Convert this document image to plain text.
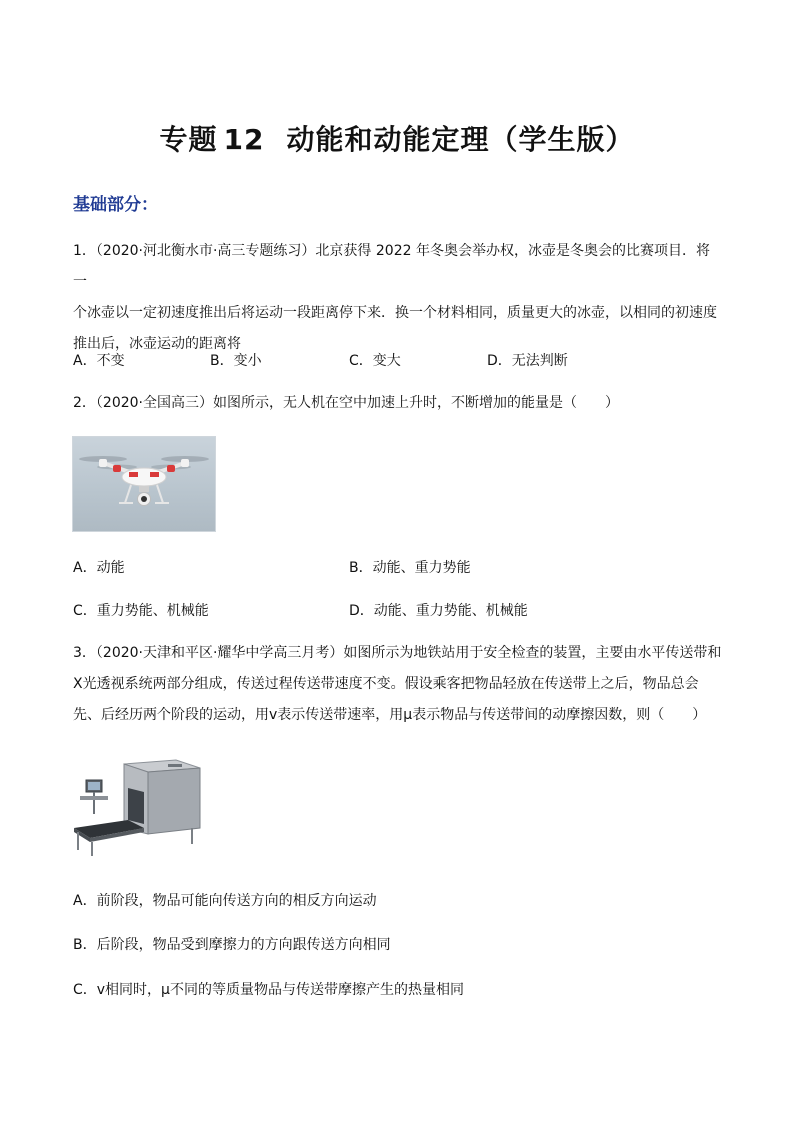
专题 12 动能和动能定理（学生版）
基础部分：
1．（2020·河北衡水市·高三专题练习）北京获得 2022 年冬奥会举办权，冰壶是冬奥会的比赛项目．将一
个冰壶以一定初速度推出后将运动一段距离停下来．换一个材料相同，质量更大的冰壶，以相同的初速度
推出后，冰壶运动的距离将
A．不变	B．变小	C．变大	D．无法判断
2．（2020·全国高三）如图所示，无人机在空中加速上升时，不断增加的能量是（　　）
A．动能	B．动能、重力势能
C．重力势能、机械能	D．动能、重力势能、机械能
3．（2020·天津和平区·耀华中学高三月考）如图所示为地铁站用于安全检查的装置，主要由水平传送带和
X光透视系统两部分组成，传送过程传送带速度不变。假设乘客把物品轻放在传送带上之后，物品总会
先、后经历两个阶段的运动，用v表示传送带速率，用μ表示物品与传送带间的动摩擦因数，则（　　）
A．前阶段，物品可能向传送方向的相反方向运动
B．后阶段，物品受到摩擦力的方向跟传送方向相同
C．v相同时，μ不同的等质量物品与传送带摩擦产生的热量相同
